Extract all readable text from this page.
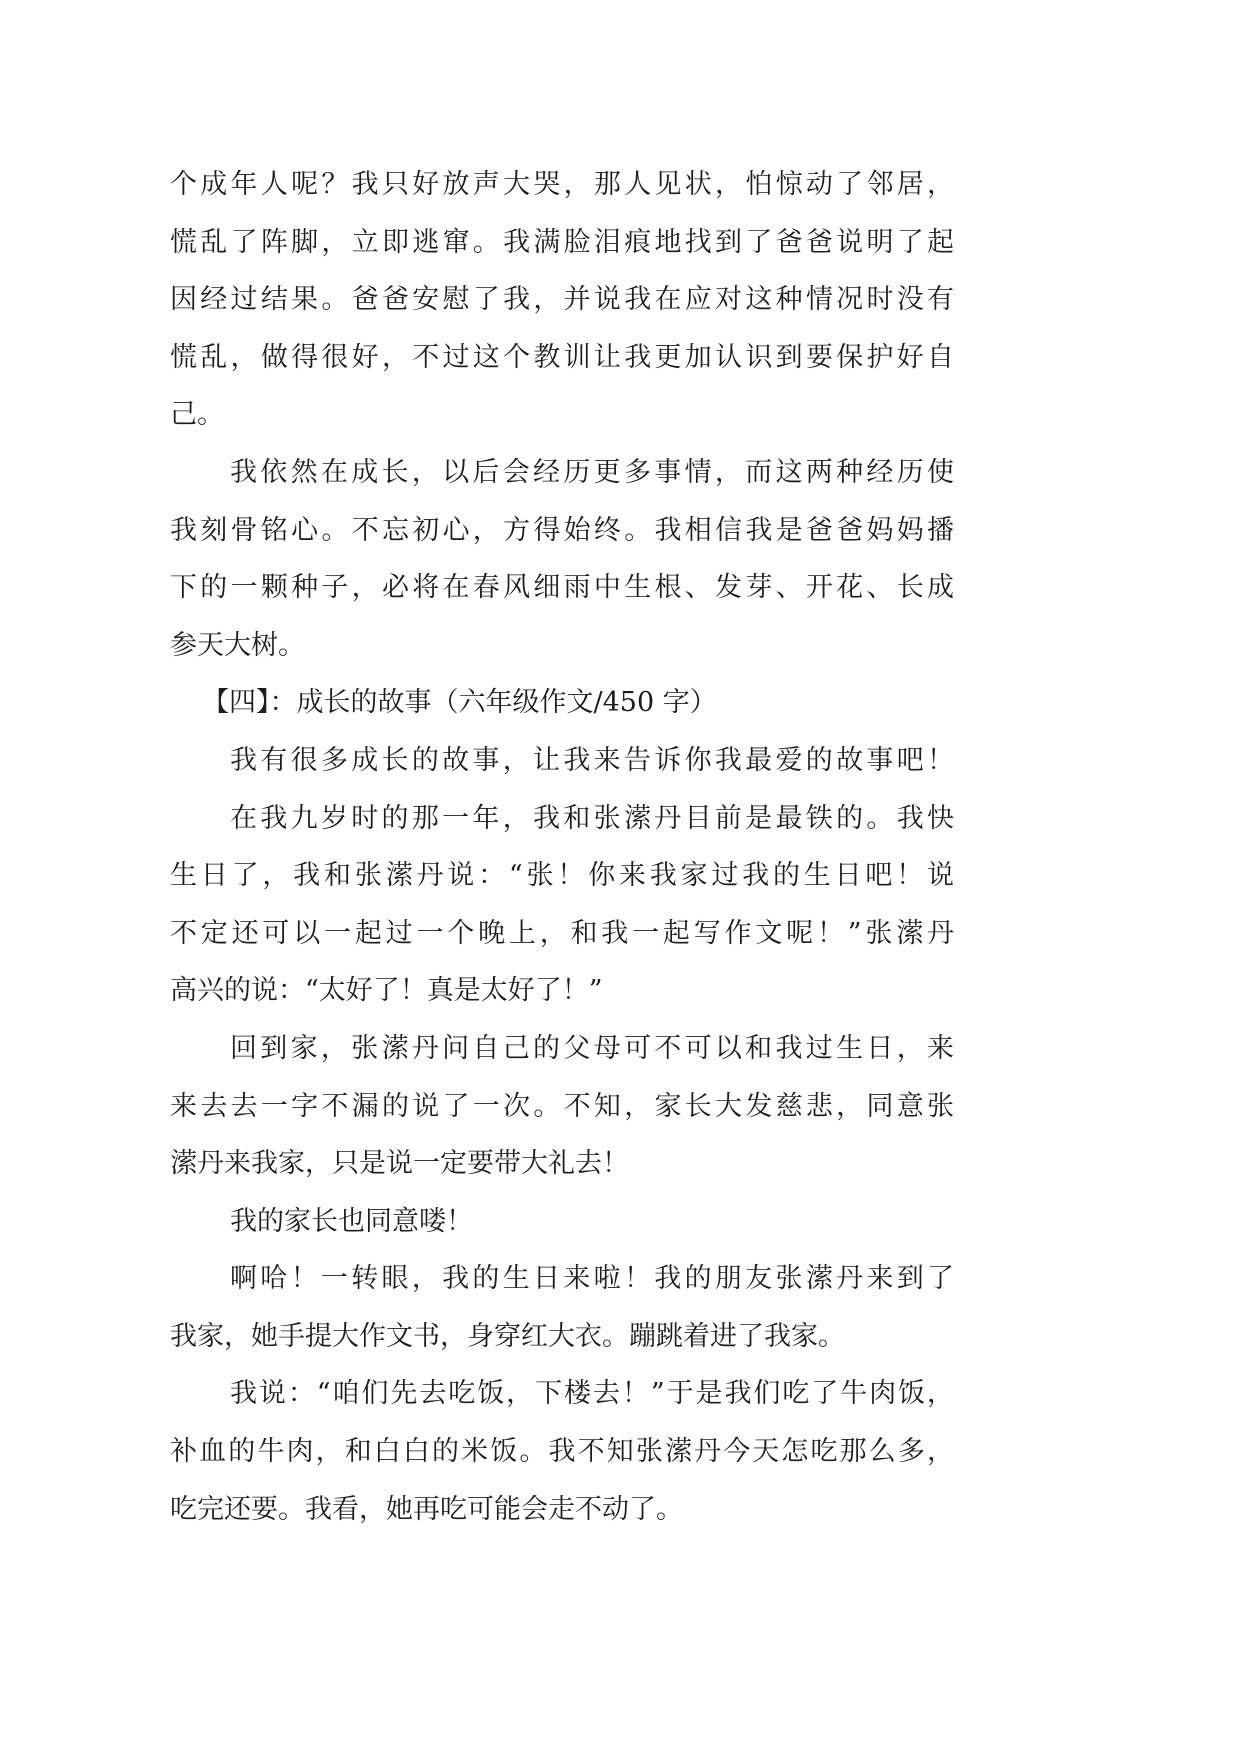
个成年人呢？我只好放声大哭，那人见状，怕惊动了邻居，
慌乱了阵脚，立即逃窜。我满脸泪痕地找到了爸爸说明了起
因经过结果。爸爸安慰了我，并说我在应对这种情况时没有
慌乱，做得很好，不过这个教训让我更加认识到要保护好自
己。
我依然在成长，以后会经历更多事情，而这两种经历使
我刻骨铭心。不忘初心，方得始终。我相信我是爸爸妈妈播
下的一颗种子，必将在春风细雨中生根、发芽、开花、长成
参天大树。
【四】：成长的故事（六年级作文/450 字）
我有很多成长的故事，让我来告诉你我最爱的故事吧！
在我九岁时的那一年，我和张潆丹目前是最铁的。我快
生日了，我和张潆丹说：“张！你来我家过我的生日吧！说
不定还可以一起过一个晚上，和我一起写作文呢！”张潆丹
高兴的说：“太好了！真是太好了！”
回到家，张潆丹问自己的父母可不可以和我过生日，来
来去去一字不漏的说了一次。不知，家长大发慈悲，同意张
潆丹来我家，只是说一定要带大礼去！
我的家长也同意喽！
啊哈！一转眼，我的生日来啦！我的朋友张潆丹来到了
我家，她手提大作文书，身穿红大衣。蹦跳着进了我家。
我说：“咱们先去吃饭，下楼去！”于是我们吃了牛肉饭，
补血的牛肉，和白白的米饭。我不知张潆丹今天怎吃那么多，
吃完还要。我看，她再吃可能会走不动了。
